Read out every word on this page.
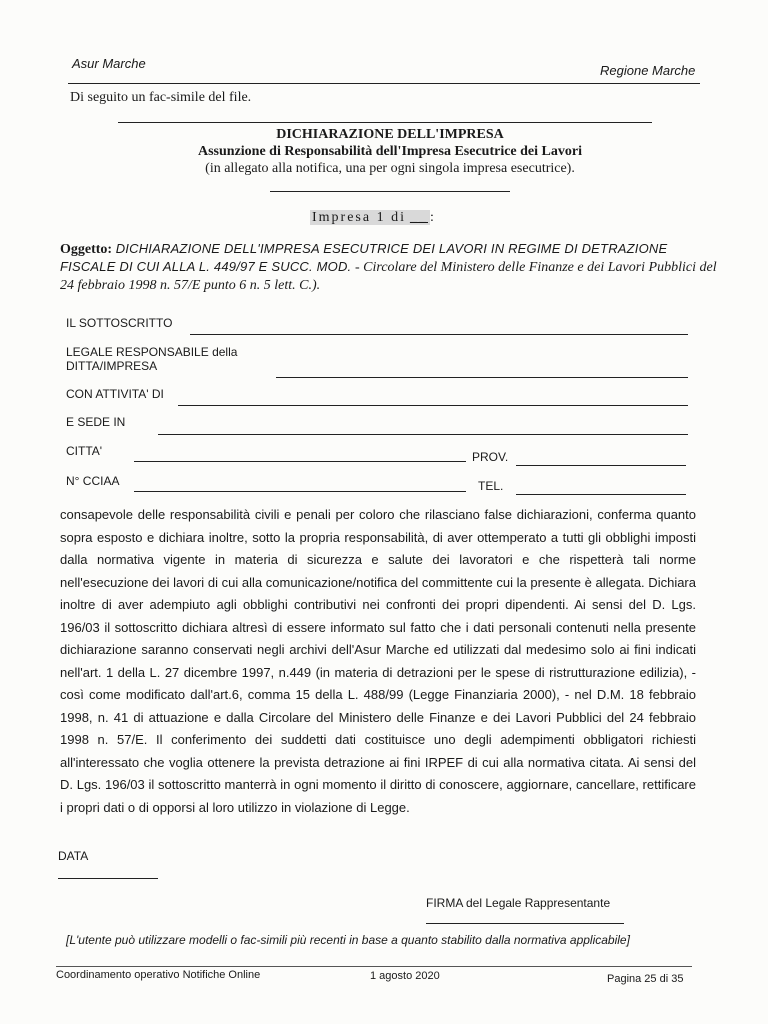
Asur Marche	Regione Marche
Di seguito un fac-simile del file.
DICHIARAZIONE DELL'IMPRESA
Assunzione di Responsabilità dell'Impresa Esecutrice dei Lavori
(in allegato alla notifica, una per ogni singola impresa esecutrice).
Impresa 1 di __ :
Oggetto: DICHIARAZIONE DELL'IMPRESA ESECUTRICE DEI LAVORI IN REGIME DI DETRAZIONE FISCALE DI CUI ALLA L. 449/97 E SUCC. MOD. - Circolare del Ministero delle Finanze e dei Lavori Pubblici del 24 febbraio 1998 n. 57/E punto 6 n. 5 lett. C.).
IL SOTTOSCRITTO
LEGALE RESPONSABILE della
DITTA/IMPRESA
CON ATTIVITA' DI
E SEDE IN
CITTA'	PROV.
N° CCIAA	TEL.
consapevole delle responsabilità civili e penali per coloro che rilasciano false dichiarazioni, conferma quanto sopra esposto e dichiara inoltre, sotto la propria responsabilità, di aver ottemperato a tutti gli obblighi imposti dalla normativa vigente in materia di sicurezza e salute dei lavoratori e che rispetterà tali norme nell'esecuzione dei lavori di cui alla comunicazione/notifica del committente cui la presente è allegata. Dichiara inoltre di aver adempiuto agli obblighi contributivi nei confronti dei propri dipendenti. Ai sensi del D. Lgs. 196/03 il sottoscritto dichiara altresì di essere informato sul fatto che i dati personali contenuti nella presente dichiarazione saranno conservati negli archivi dell'Asur Marche ed utilizzati dal medesimo solo ai fini indicati nell'art. 1 della L. 27 dicembre 1997, n.449 (in materia di detrazioni per le spese di ristrutturazione edilizia), - così come modificato dall'art.6, comma 15 della L. 488/99 (Legge Finanziaria 2000), - nel D.M. 18 febbraio 1998, n. 41 di attuazione e dalla Circolare del Ministero delle Finanze e dei Lavori Pubblici del 24 febbraio 1998 n. 57/E. Il conferimento dei suddetti dati costituisce uno degli adempimenti obbligatori richiesti all'interessato che voglia ottenere la prevista detrazione ai fini IRPEF di cui alla normativa citata. Ai sensi del D. Lgs. 196/03 il sottoscritto manterrà in ogni momento il diritto di conoscere, aggiornare, cancellare, rettificare i propri dati o di opporsi al loro utilizzo in violazione di Legge.
DATA
FIRMA del Legale Rappresentante
[L'utente può utilizzare modelli o fac-simili più recenti in base a quanto stabilito dalla normativa applicabile]
Coordinamento operativo Notifiche Online	1 agosto 2020	Pagina 25 di 35
